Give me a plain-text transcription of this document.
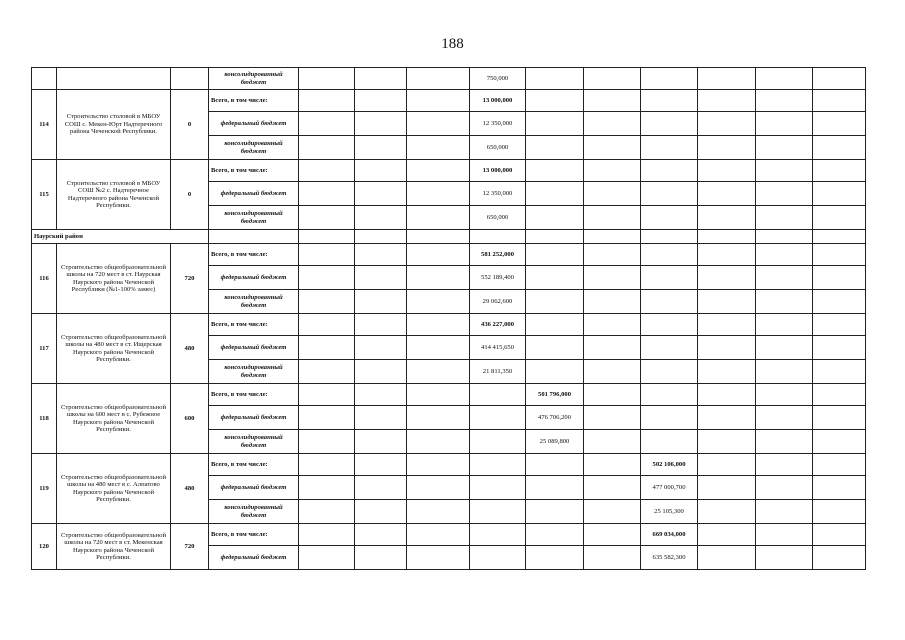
188
			консолидированный бюджет				750,000						
114	Строительство столовой в МБОУ СОШ с. Мекен-Юрт Надтеречного района Чеченской Республики.	0	Всего, в том числе:				13 000,000						
			федеральный бюджет				12 350,000						
			консолидированный бюджет				650,000						
115	Строительство столовой в МБОУ СОШ №2 с. Надтеречное Надтеречного района Чеченской Республики.	0	Всего, в том числе:				13 000,000						
			федеральный бюджет				12 350,000						
			консолидированный бюджет				650,000						
Наурский район													
116	Строительство общеобразовательной школы на 720 мест в ст. Наурская Наурского района Чеченской Республики (№1-100% замес)	720	Всего, в том числе:				581 252,000						
			федеральный бюджет				552 189,400						
			консолидированный бюджет				29 062,600						
117	Строительство общеобразовательной школы на 480 мест в ст. Ищерская Наурского района Чеченской Республики.	480	Всего, в том числе:				436 227,000						
			федеральный бюджет				414 415,650						
			консолидированный бюджет				21 811,350						
118	Строительство общеобразовательной школы на 600 мест в с. Рубежное Наурского района Чеченской Республики.	600	Всего, в том числе:					501 796,000					
			федеральный бюджет					476 706,200					
			консолидированный бюджет					25 089,800					
119	Строительство общеобразовательной школы на 480 мест в с. Алпатово Наурского района Чеченской Республики.	480	Всего, в том числе:							502 106,000			
			федеральный бюджет							477 000,700			
			консолидированный бюджет							25 105,300			
120	Строительство общеобразовательной школы на 720 мест в ст. Мекенская Наурского района Чеченской Республики.	720	Всего, в том числе:							669 034,000			
			федеральный бюджет							635 582,300			
